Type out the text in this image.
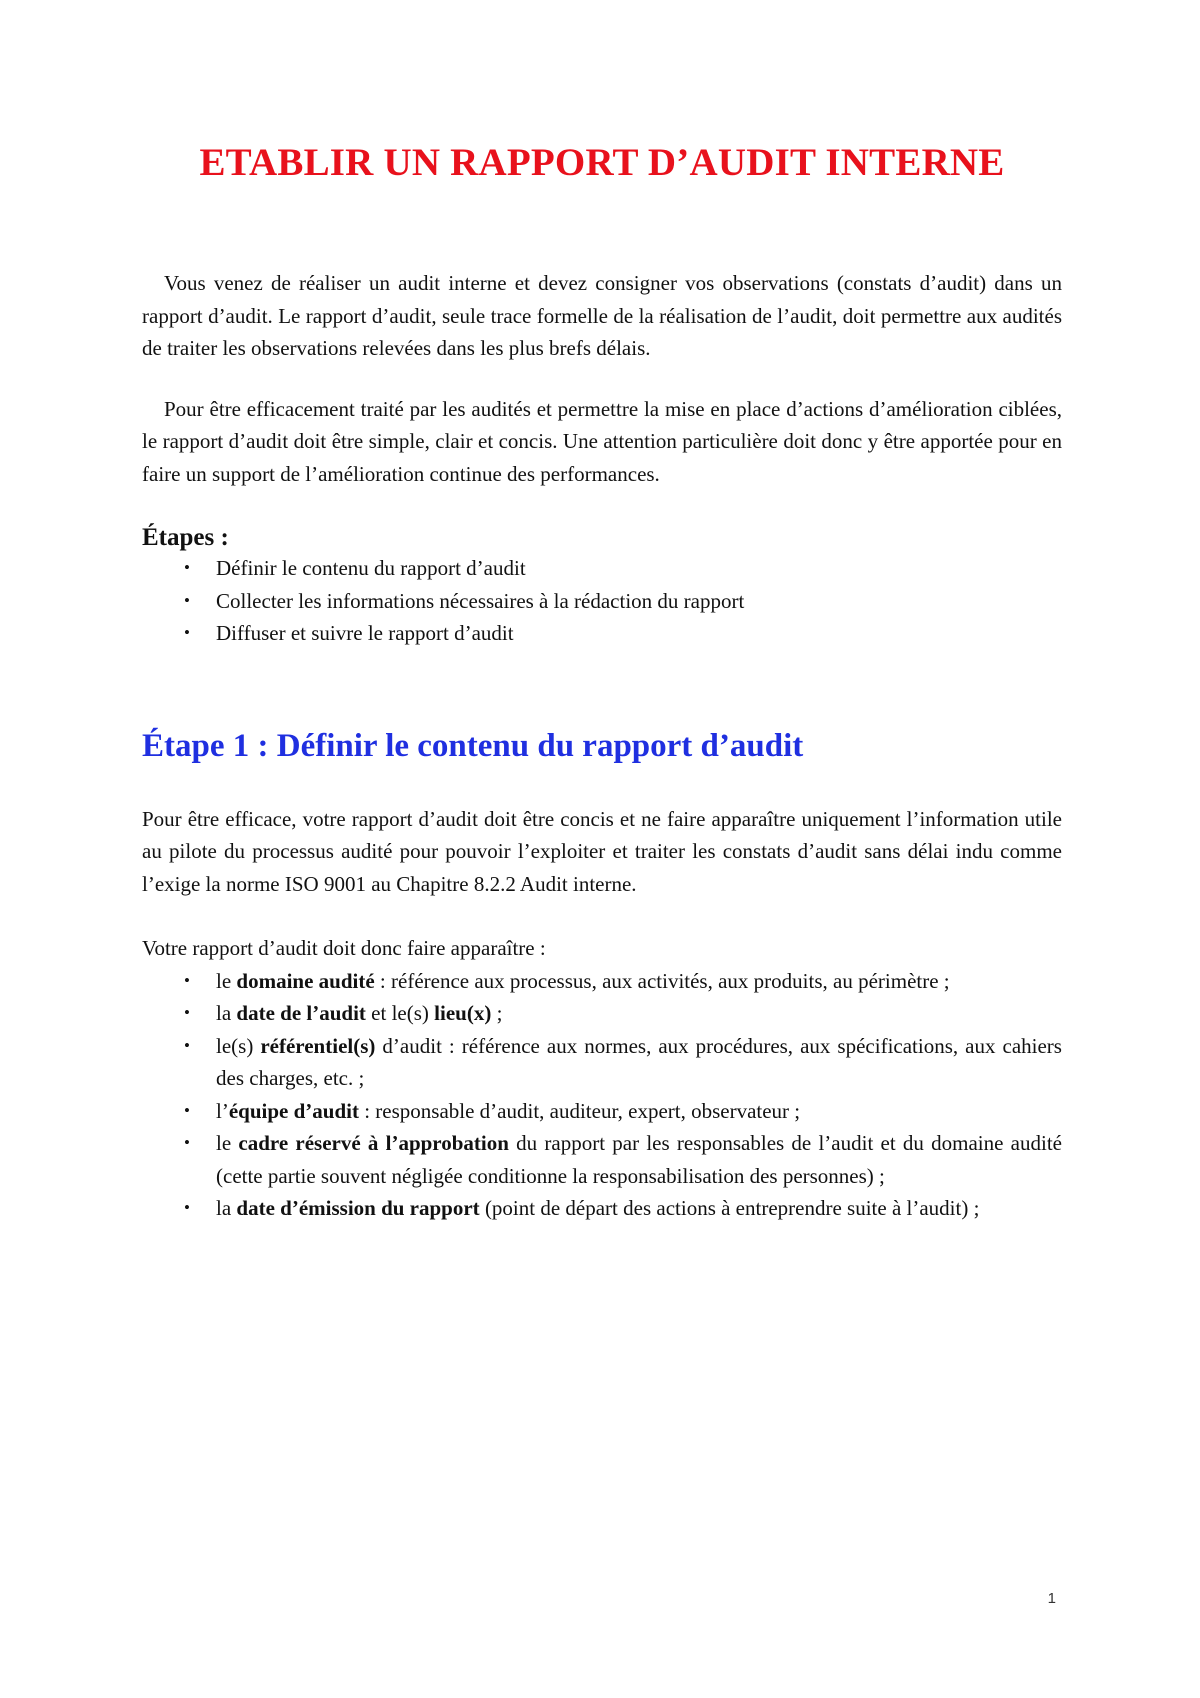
ETABLIR UN RAPPORT D’AUDIT INTERNE

Vous venez de réaliser un audit interne et devez consigner vos observations (constats d’audit) dans un rapport d’audit. Le rapport d’audit, seule trace formelle de la réalisation de l’audit, doit permettre aux audités de traiter les observations relevées dans les plus brefs délais.

Pour être efficacement traité par les audités et permettre la mise en place d’actions d’amélioration ciblées, le rapport d’audit doit être simple, clair et concis. Une attention particulière doit donc y être apportée pour en faire un support de l’amélioration continue des performances.

Étapes :
• Définir le contenu du rapport d’audit
• Collecter les informations nécessaires à la rédaction du rapport
• Diffuser et suivre le rapport d’audit
Étape 1 : Définir le contenu du rapport d’audit

Pour être efficace, votre rapport d’audit doit être concis et ne faire apparaître uniquement l’information utile au pilote du processus audité pour pouvoir l’exploiter et traiter les constats d’audit sans délai indu comme l’exige la norme ISO 9001 au Chapitre 8.2.2 Audit interne.

Votre rapport d’audit doit donc faire apparaître :

• le domaine audité : référence aux processus, aux activités, aux produits, au périmètre ;
• la date de l’audit et le(s) lieu(x) ;
• le(s) référentiel(s) d’audit : référence aux normes, aux procédures, aux spécifications, aux cahiers des charges, etc. ;
• l’équipe d’audit : responsable d’audit, auditeur, expert, observateur ;
• le cadre réservé à l’approbation du rapport par les responsables de l’audit et du domaine audité (cette partie souvent négligée conditionne la responsabilisation des personnes) ;
• la date d’émission du rapport (point de départ des actions à entreprendre suite à l’audit) ;
1
